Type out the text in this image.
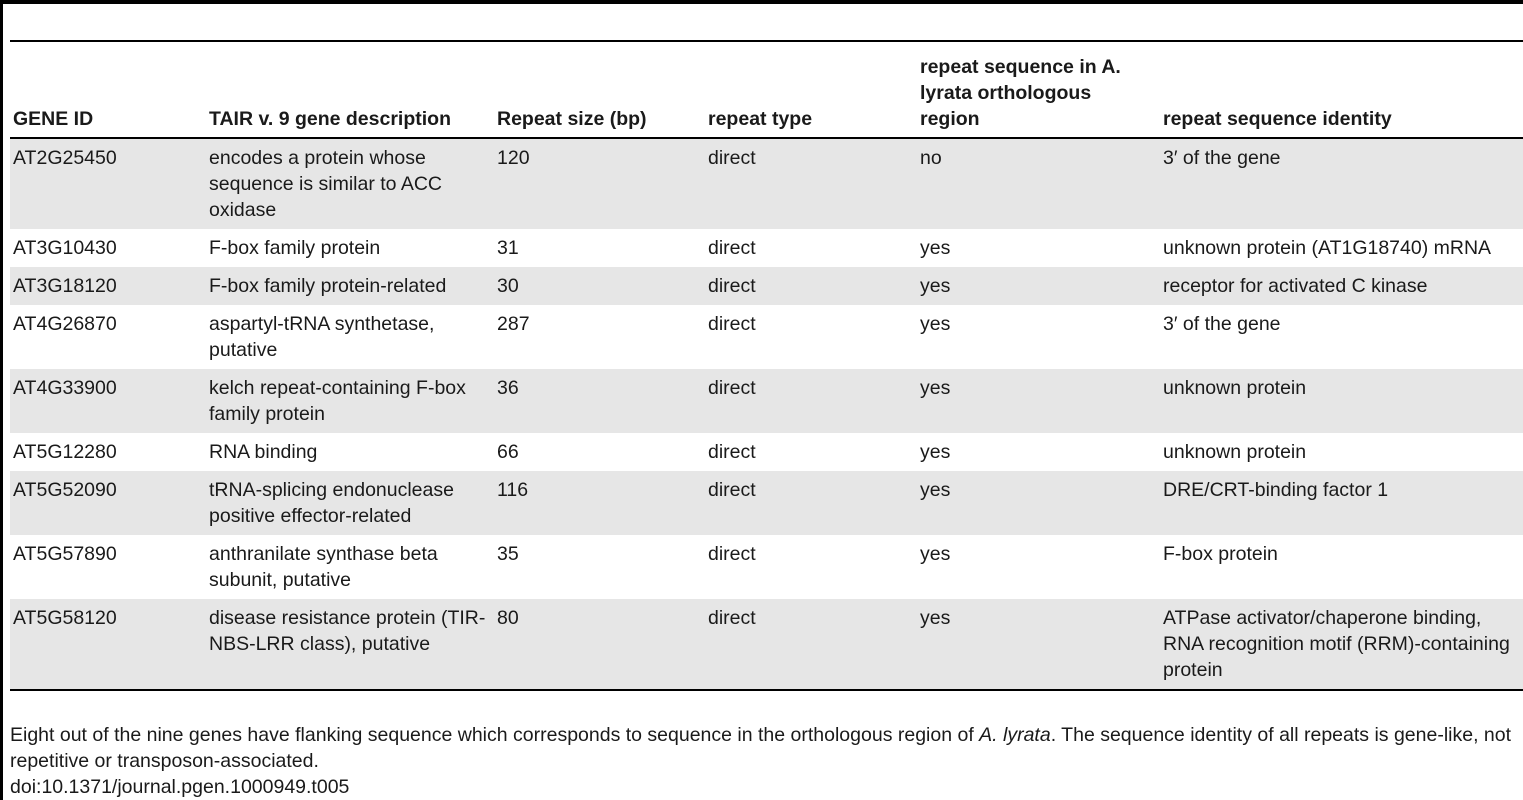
GENE ID	TAIR v. 9 gene description	Repeat size (bp)	repeat type	repeat sequence in A. lyrata orthologous region	repeat sequence identity
AT2G25450	encodes a protein whose sequence is similar to ACC oxidase	120	direct	no	3′ of the gene
AT3G10430	F-box family protein	31	direct	yes	unknown protein (AT1G18740) mRNA
AT3G18120	F-box family protein-related	30	direct	yes	receptor for activated C kinase
AT4G26870	aspartyl-tRNA synthetase, putative	287	direct	yes	3′ of the gene
AT4G33900	kelch repeat-containing F-box family protein	36	direct	yes	unknown protein
AT5G12280	RNA binding	66	direct	yes	unknown protein
AT5G52090	tRNA-splicing endonuclease positive effector-related	116	direct	yes	DRE/CRT-binding factor 1
AT5G57890	anthranilate synthase beta subunit, putative	35	direct	yes	F-box protein
AT5G58120	disease resistance protein (TIR-NBS-LRR class), putative	80	direct	yes	ATPase activator/chaperone binding, RNA recognition motif (RRM)-containing protein
Eight out of the nine genes have flanking sequence which corresponds to sequence in the orthologous region of A. lyrata. The sequence identity of all repeats is gene-like, not repetitive or transposon-associated.
doi:10.1371/journal.pgen.1000949.t005
